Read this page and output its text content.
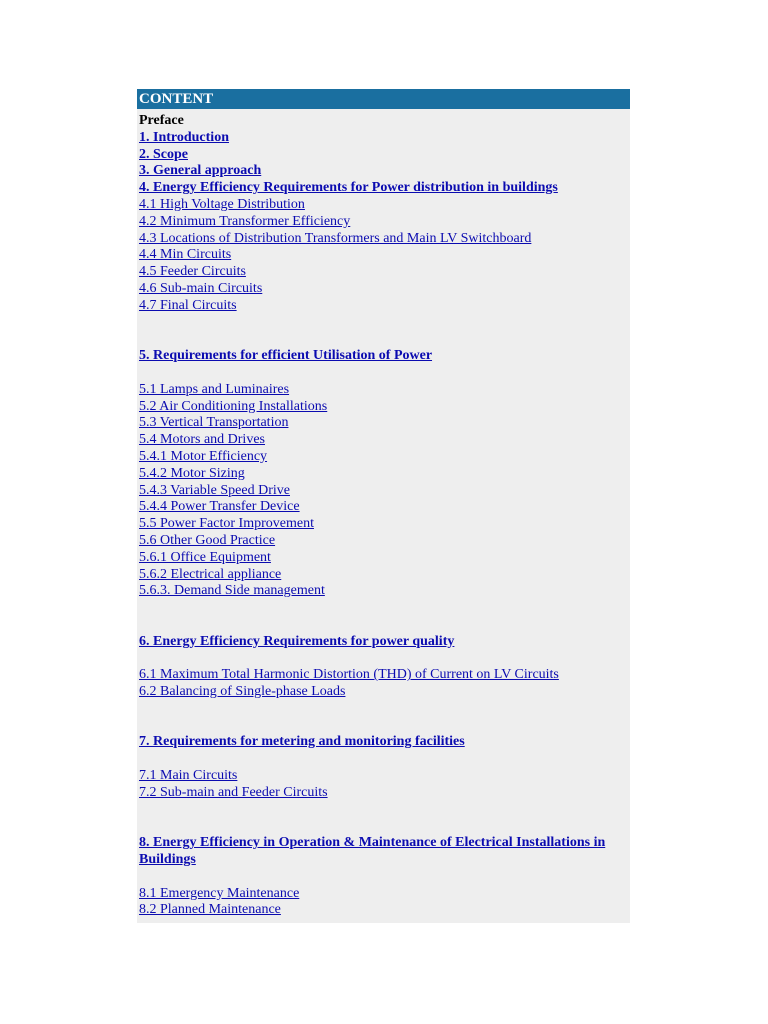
CONTENT
Preface
1. Introduction
2. Scope
3. General approach
4. Energy Efficiency Requirements for Power distribution in buildings
4.1 High Voltage Distribution
4.2 Minimum Transformer Efficiency
4.3 Locations of Distribution Transformers and Main LV Switchboard
4.4 Min Circuits
4.5 Feeder Circuits
4.6 Sub-main Circuits
4.7 Final Circuits
5. Requirements for efficient Utilisation of Power
5.1 Lamps and Luminaires
5.2 Air Conditioning Installations
5.3 Vertical Transportation
5.4 Motors and Drives
5.4.1 Motor Efficiency
5.4.2 Motor Sizing
5.4.3 Variable Speed Drive
5.4.4 Power Transfer Device
5.5 Power Factor Improvement
5.6 Other Good Practice
5.6.1 Office Equipment
5.6.2 Electrical appliance
5.6.3. Demand Side management
6. Energy Efficiency Requirements for power quality
6.1 Maximum Total Harmonic Distortion (THD) of Current on LV Circuits
6.2 Balancing of Single-phase Loads
7. Requirements for metering and monitoring facilities
7.1 Main Circuits
7.2 Sub-main and Feeder Circuits
8. Energy Efficiency in Operation & Maintenance of Electrical Installations in Buildings
8.1 Emergency Maintenance
8.2 Planned Maintenance
